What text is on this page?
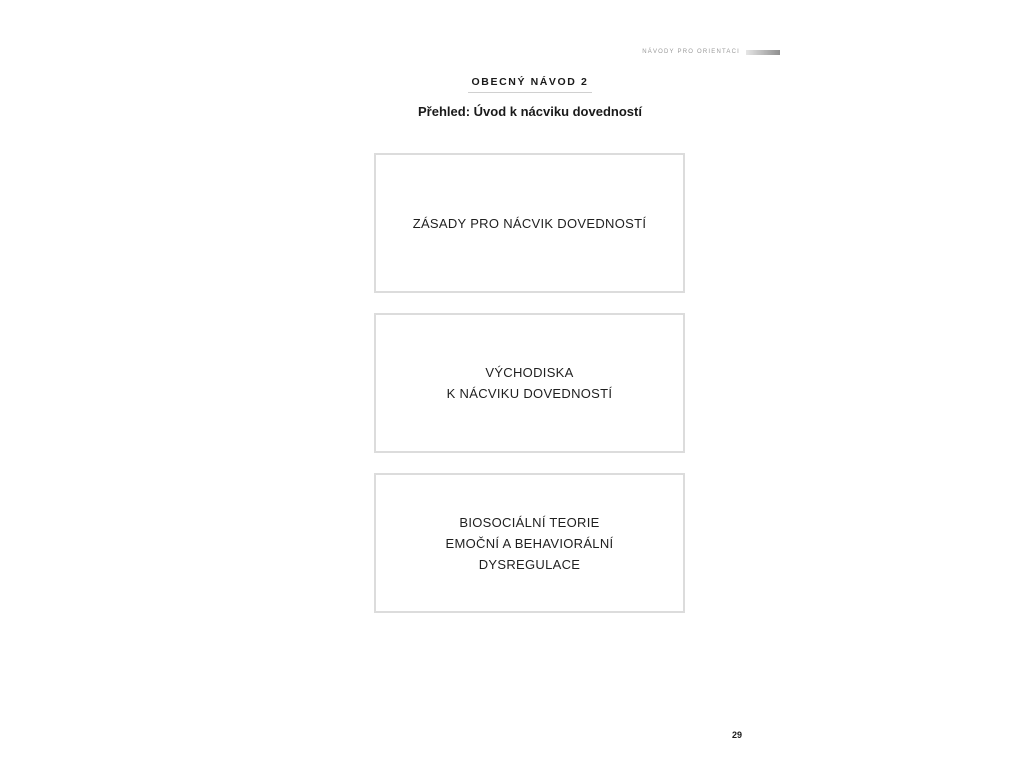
NÁVODY PRO ORIENTACI
OBECNÝ NÁVOD 2
Přehled: Úvod k nácviku dovedností
ZÁSADY PRO NÁCVIK DOVEDNOSTÍ
VÝCHODISKA
K NÁCVIKU DOVEDNOSTÍ
BIOSOCIÁLNÍ TEORIE
EMOČNÍ A BEHAVIORÁLNÍ
DYSREGULACE
29
